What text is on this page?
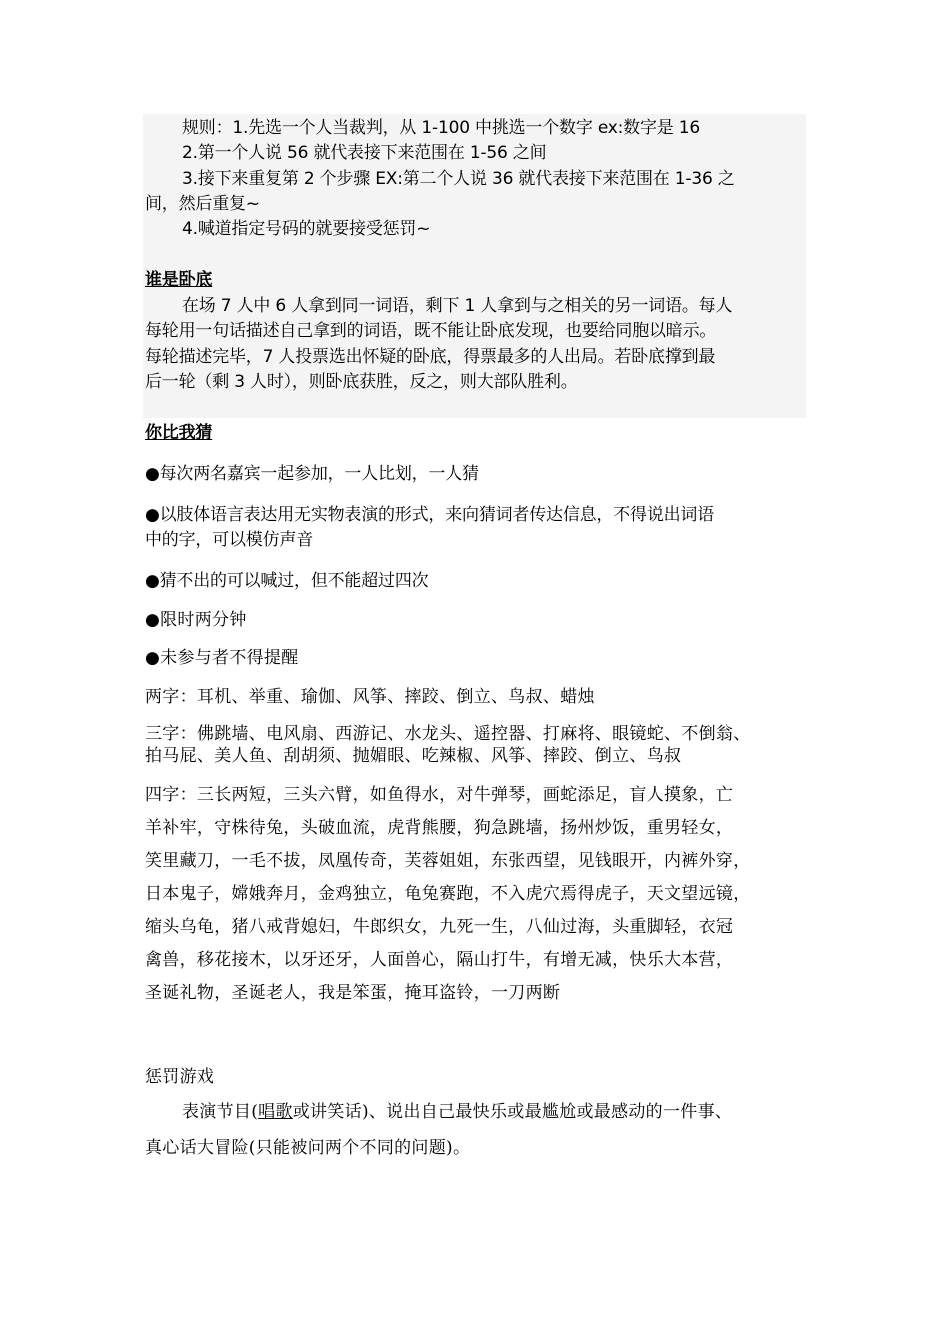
规则：1.先选一个人当裁判，从 1-100 中挑选一个数字 ex:数字是 16

2.第一个人说 56 就代表接下来范围在 1-56 之间

3.接下来重复第 2 个步骤 EX:第二个人说 36 就代表接下来范围在 1-36 之

间，然后重复~

4.喊道指定号码的就要接受惩罚~

谁是卧底

在场 7 人中 6 人拿到同一词语，剩下 1 人拿到与之相关的另一词语。每人

每轮用一句话描述自己拿到的词语，既不能让卧底发现，也要给同胞以暗示。

每轮描述完毕，7 人投票选出怀疑的卧底，得票最多的人出局。若卧底撑到最

后一轮（剩 3 人时），则卧底获胜，反之，则大部队胜利。

你比我猜

●每次两名嘉宾一起参加，一人比划，一人猜

●以肢体语言表达用无实物表演的形式，来向猜词者传达信息，不得说出词语

中的字，可以模仿声音

●猜不出的可以喊过，但不能超过四次

●限时两分钟

●未参与者不得提醒

两字：耳机、举重、瑜伽、风筝、摔跤、倒立、鸟叔、蜡烛

三字：佛跳墙、电风扇、西游记、水龙头、遥控器、打麻将、眼镜蛇、不倒翁、

拍马屁、美人鱼、刮胡须、抛媚眼、吃辣椒、风筝、摔跤、倒立、鸟叔

四字：三长两短，三头六臂，如鱼得水，对牛弹琴，画蛇添足，盲人摸象，亡

羊补牢，守株待兔，头破血流，虎背熊腰，狗急跳墙，扬州炒饭，重男轻女，

笑里藏刀，一毛不拔，凤凰传奇，芙蓉姐姐，东张西望，见钱眼开，内裤外穿，

日本鬼子，嫦娥奔月，金鸡独立，龟兔赛跑，不入虎穴焉得虎子，天文望远镜，

缩头乌龟，猪八戒背媳妇，牛郎织女，九死一生，八仙过海，头重脚轻，衣冠

禽兽，移花接木，以牙还牙，人面兽心，隔山打牛，有增无减，快乐大本营，

圣诞礼物，圣诞老人，我是笨蛋，掩耳盗铃，一刀两断

惩罚游戏

表演节目(唱歌或讲笑话)、说出自己最快乐或最尴尬或最感动的一件事、

真心话大冒险(只能被问两个不同的问题)。
